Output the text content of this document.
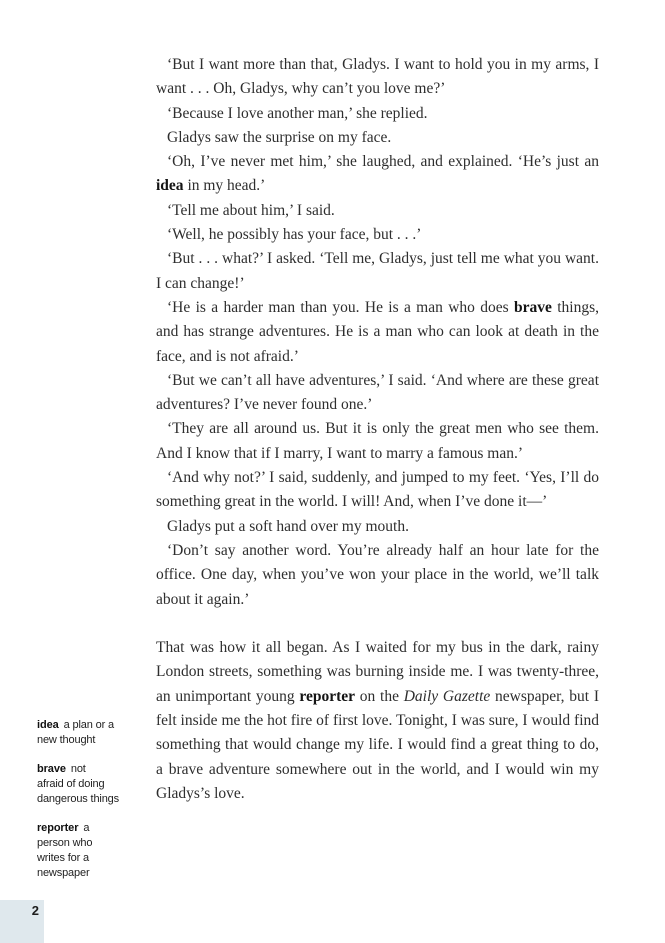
‘But I want more than that, Gladys. I want to hold you in my arms, I want . . . Oh, Gladys, why can’t you love me?’

‘Because I love another man,’ she replied.

Gladys saw the surprise on my face.

‘Oh, I’ve never met him,’ she laughed, and explained. ‘He’s just an idea in my head.’

‘Tell me about him,’ I said.

‘Well, he possibly has your face, but . . .’

‘But . . . what?’ I asked. ‘Tell me, Gladys, just tell me what you want. I can change!’

‘He is a harder man than you. He is a man who does brave things, and has strange adventures. He is a man who can look at death in the face, and is not afraid.’

‘But we can’t all have adventures,’ I said. ‘And where are these great adventures? I’ve never found one.’

‘They are all around us. But it is only the great men who see them. And I know that if I marry, I want to marry a famous man.’

‘And why not?’ I said, suddenly, and jumped to my feet. ‘Yes, I’ll do something great in the world. I will! And, when I’ve done it—’

Gladys put a soft hand over my mouth.

‘Don’t say another word. You’re already half an hour late for the office. One day, when you’ve won your place in the world, we’ll talk about it again.’

That was how it all began. As I waited for my bus in the dark, rainy London streets, something was burning inside me. I was twenty-three, an unimportant young reporter on the Daily Gazette newspaper, but I felt inside me the hot fire of first love. Tonight, I was sure, I would find something that would change my life. I would find a great thing to do, a brave adventure somewhere out in the world, and I would win my Gladys’s love.

idea a plan or a
new thought
brave not
afraid of doing
dangerous things
reporter a
person who
writes for a
newspaper
2
